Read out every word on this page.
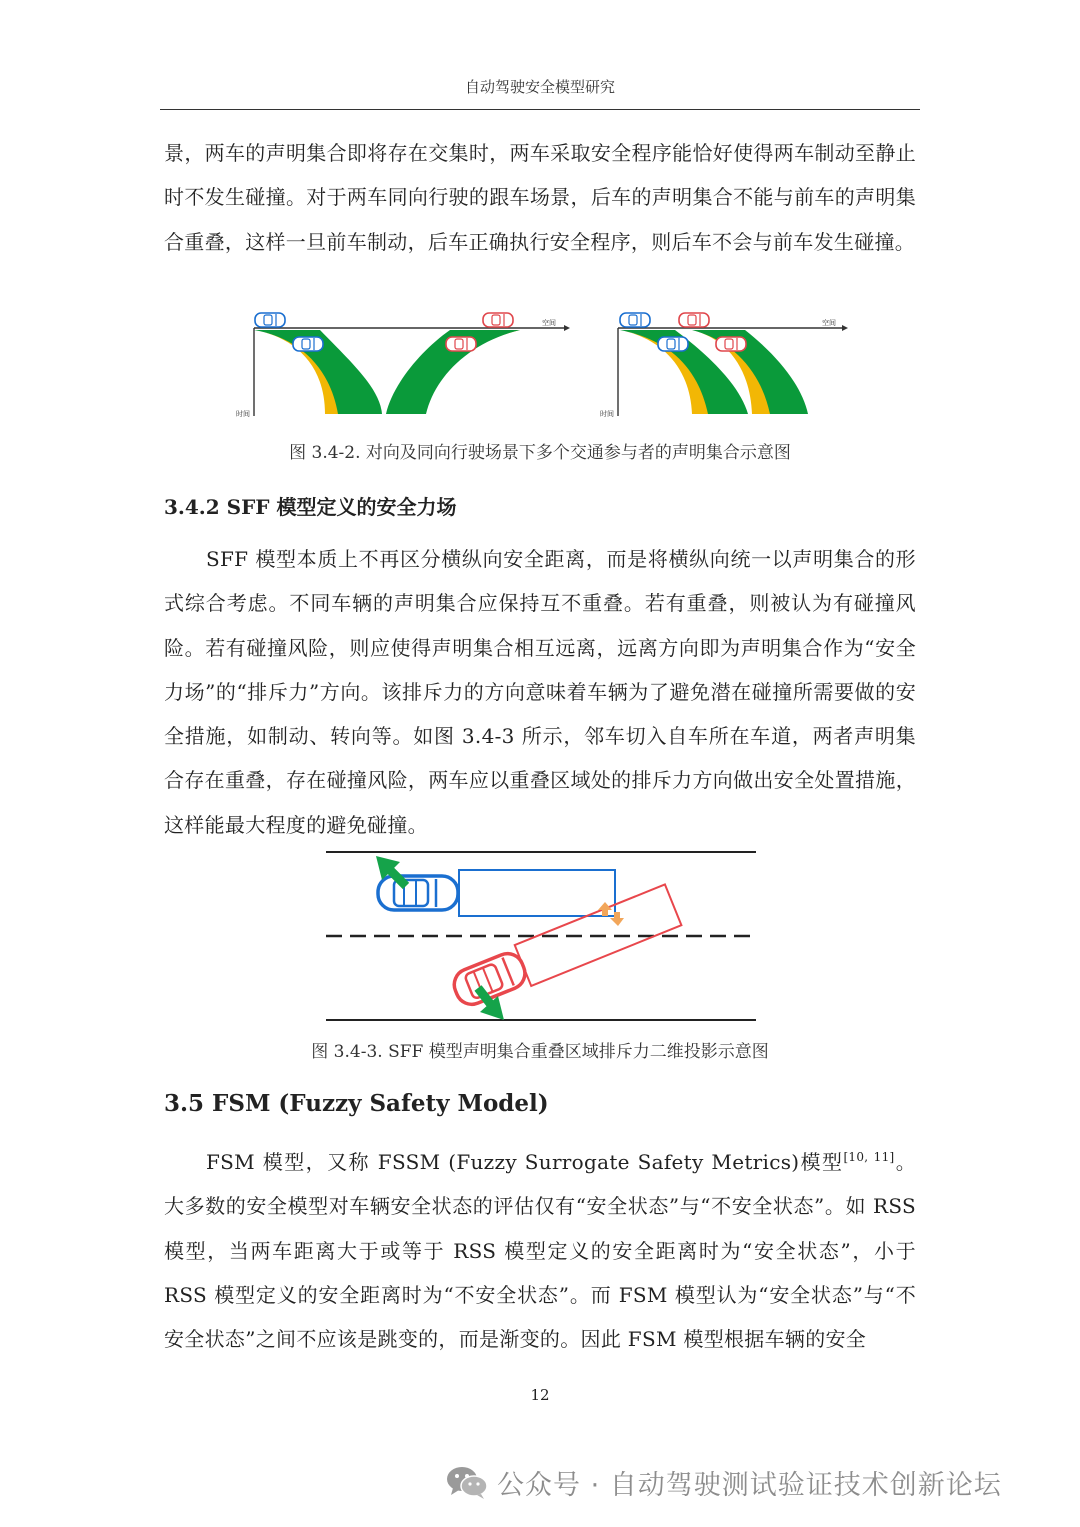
自动驾驶安全模型研究

景，两车的声明集合即将存在交集时，两车采取安全程序能恰好使得两车制动至静止时不发生碰撞。对于两车同向行驶的跟车场景，后车的声明集合不能与前车的声明集合重叠，这样一旦前车制动，后车正确执行安全程序，则后车不会与前车发生碰撞。

空间
时间
空间
时间
图 3.4-2. 对向及同向行驶场景下多个交通参与者的声明集合示意图
3.4.2 SFF 模型定义的安全力场

SFF 模型本质上不再区分横纵向安全距离，而是将横纵向统一以声明集合的形式综合考虑。不同车辆的声明集合应保持互不重叠。若有重叠，则被认为有碰撞风险。若有碰撞风险，则应使得声明集合相互远离，远离方向即为声明集合作为“安全力场”的“排斥力”方向。该排斥力的方向意味着车辆为了避免潜在碰撞所需要做的安全措施，如制动、转向等。如图 3.4-3 所示，邻车切入自车所在车道，两者声明集合存在重叠，存在碰撞风险，两车应以重叠区域处的排斥力方向做出安全处置措施，这样能最大程度的避免碰撞。

图 3.4-3. SFF 模型声明集合重叠区域排斥力二维投影示意图
3.5 FSM (Fuzzy Safety Model)

FSM 模型，又称 FSSM (Fuzzy Surrogate Safety Metrics)模型[10, 11]。大多数的安全模型对车辆安全状态的评估仅有“安全状态”与“不安全状态”。如 RSS 模型，当两车距离大于或等于 RSS 模型定义的安全距离时为“安全状态”，小于 RSS 模型定义的安全距离时为“不安全状态”。而 FSM 模型认为“安全状态”与“不安全状态”之间不应该是跳变的，而是渐变的。因此 FSM 模型根据车辆的安全

12
公众号 · 自动驾驶测试验证技术创新论坛
